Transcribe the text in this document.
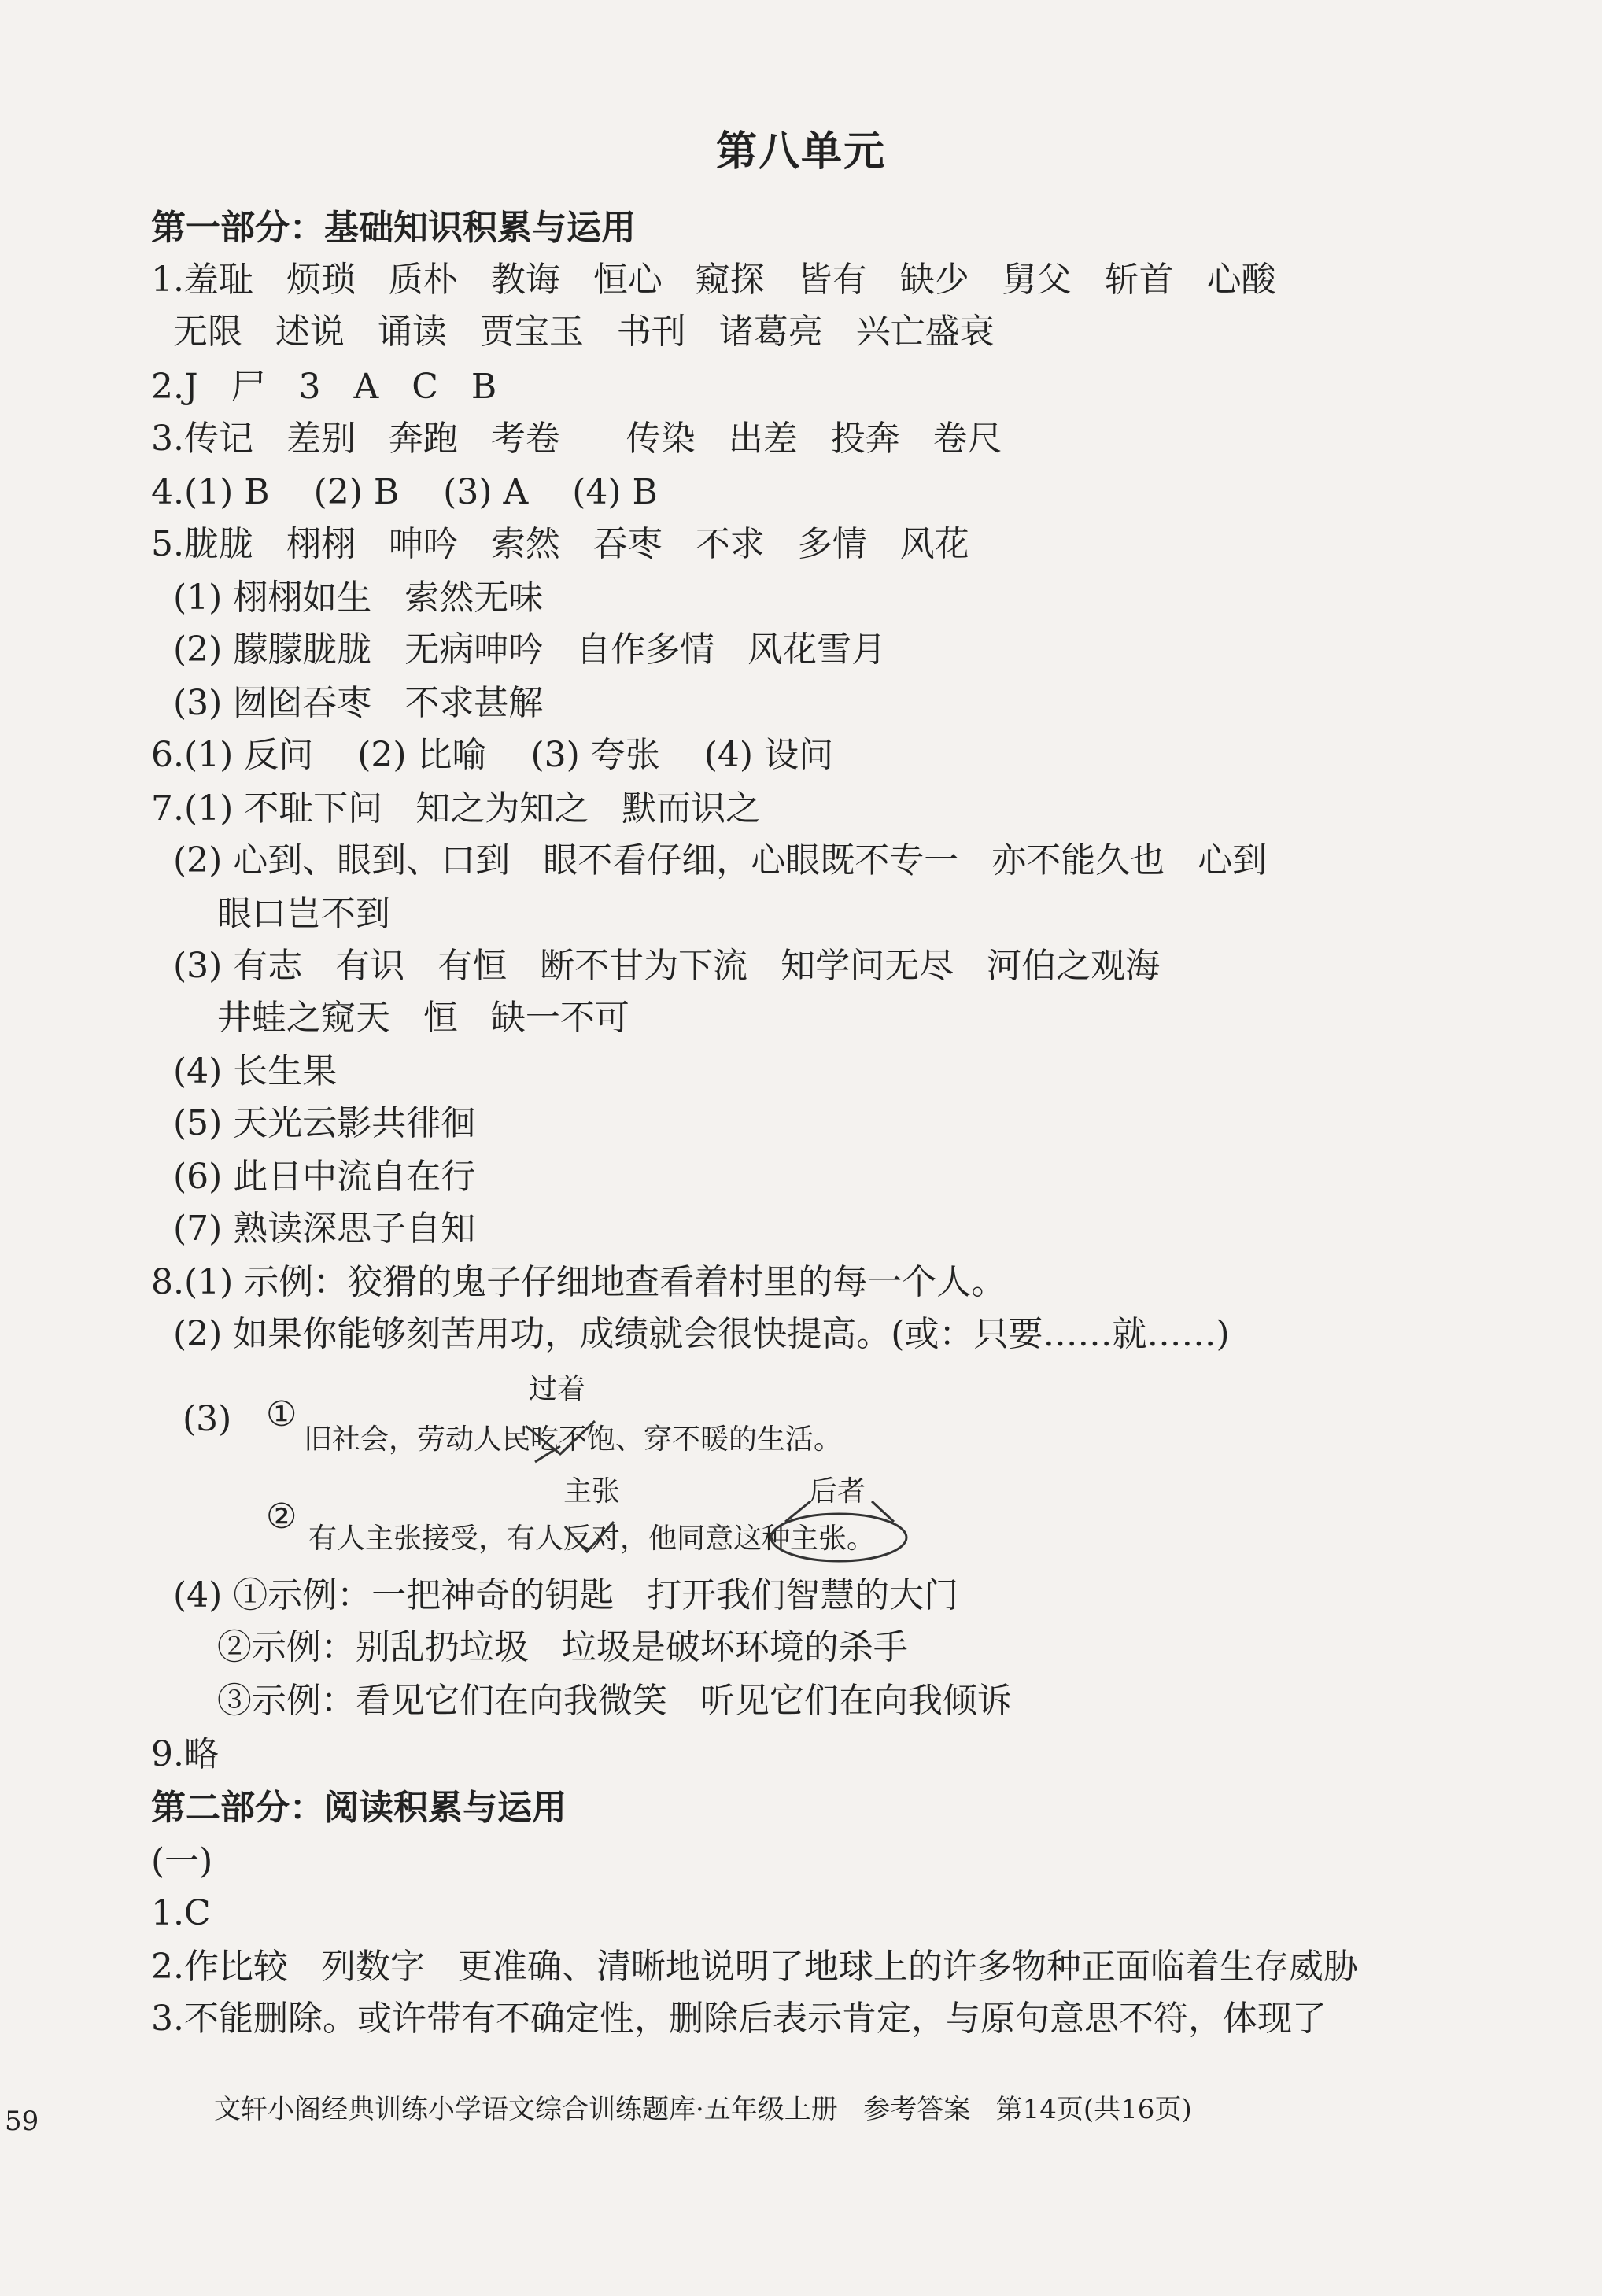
第八单元
第一部分：基础知识积累与运用
1.羞耻   烦琐   质朴   教诲   恒心   窥探   皆有   缺少   舅父   斩首   心酸
无限   述说   诵读   贾宝玉   书刊   诸葛亮   兴亡盛衰
2.J   尸   3   A   C   B
3.传记   差别   奔跑   考卷      传染   出差   投奔   卷尺
4.(1) B    (2) B    (3) A    (4) B
5.胧胧   栩栩   呻吟   索然   吞枣   不求   多情   风花
(1) 栩栩如生   索然无味
(2) 朦朦胧胧   无病呻吟   自作多情   风花雪月
(3) 囫囵吞枣   不求甚解
6.(1) 反问    (2) 比喻    (3) 夸张    (4) 设问
7.(1) 不耻下问   知之为知之   默而识之
(2) 心到、眼到、口到   眼不看仔细，心眼既不专一   亦不能久也   心到
眼口岂不到
(3) 有志   有识   有恒   断不甘为下流   知学问无尽   河伯之观海
井蛙之窥天   恒   缺一不可
(4) 长生果
(5) 天光云影共徘徊
(6) 此日中流自在行
(7) 熟读深思子自知
8.(1) 示例：狡猾的鬼子仔细地查看着村里的每一个人。
(2) 如果你能够刻苦用功，成绩就会很快提高。(或：只要……就……)
(3) ①
过着
旧社会，劳动人民吃不饱、穿不暖的生活。
②
主张	后者
有人主张接受，有人反对，他同意这种主张。
(4) ①示例：一把神奇的钥匙   打开我们智慧的大门
②示例：别乱扔垃圾   垃圾是破坏环境的杀手
③示例：看见它们在向我微笑   听见它们在向我倾诉
9.略
第二部分：阅读积累与运用
(一)
1.C
2.作比较   列数字   更准确、清晰地说明了地球上的许多物种正面临着生存威胁
3.不能删除。或许带有不确定性，删除后表示肯定，与原句意思不符，体现了
59	文轩小阁经典训练小学语文综合训练题库·五年级上册   参考答案   第14页(共16页)
